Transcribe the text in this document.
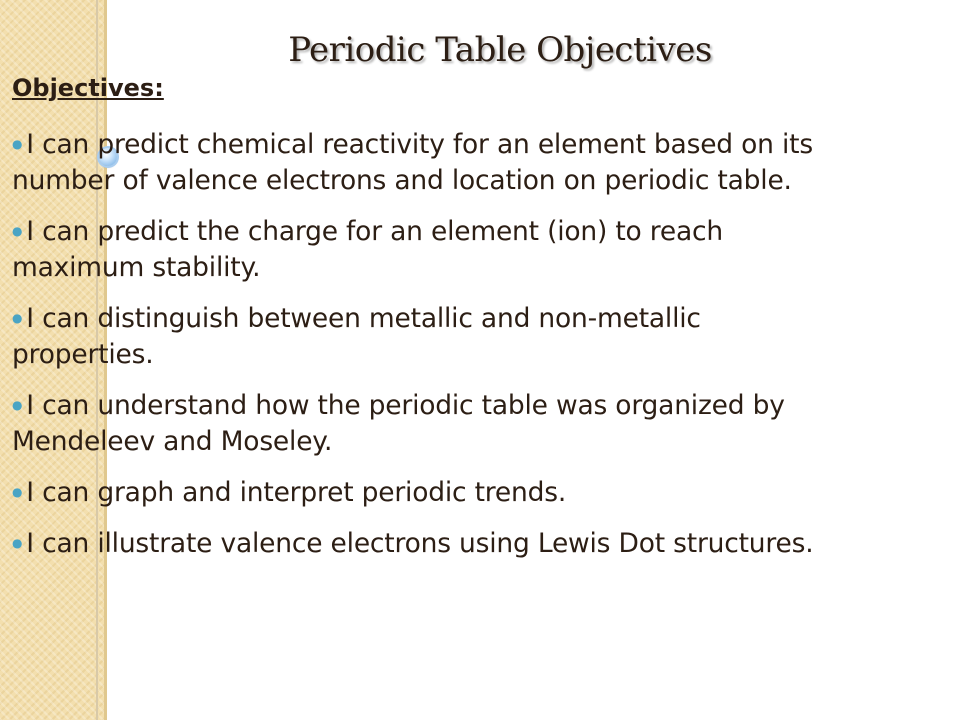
Periodic Table Objectives
Objectives:
● I can predict chemical reactivity for an element based on its
number of valence electrons and location on periodic table.
● I can predict the charge for an element (ion) to reach
maximum stability.
● I can distinguish between metallic and non-metallic
properties.
● I can understand how the periodic table was organized by
Mendeleev and Moseley.
● I can graph and interpret periodic trends.
● I can illustrate valence electrons using Lewis Dot structures.
